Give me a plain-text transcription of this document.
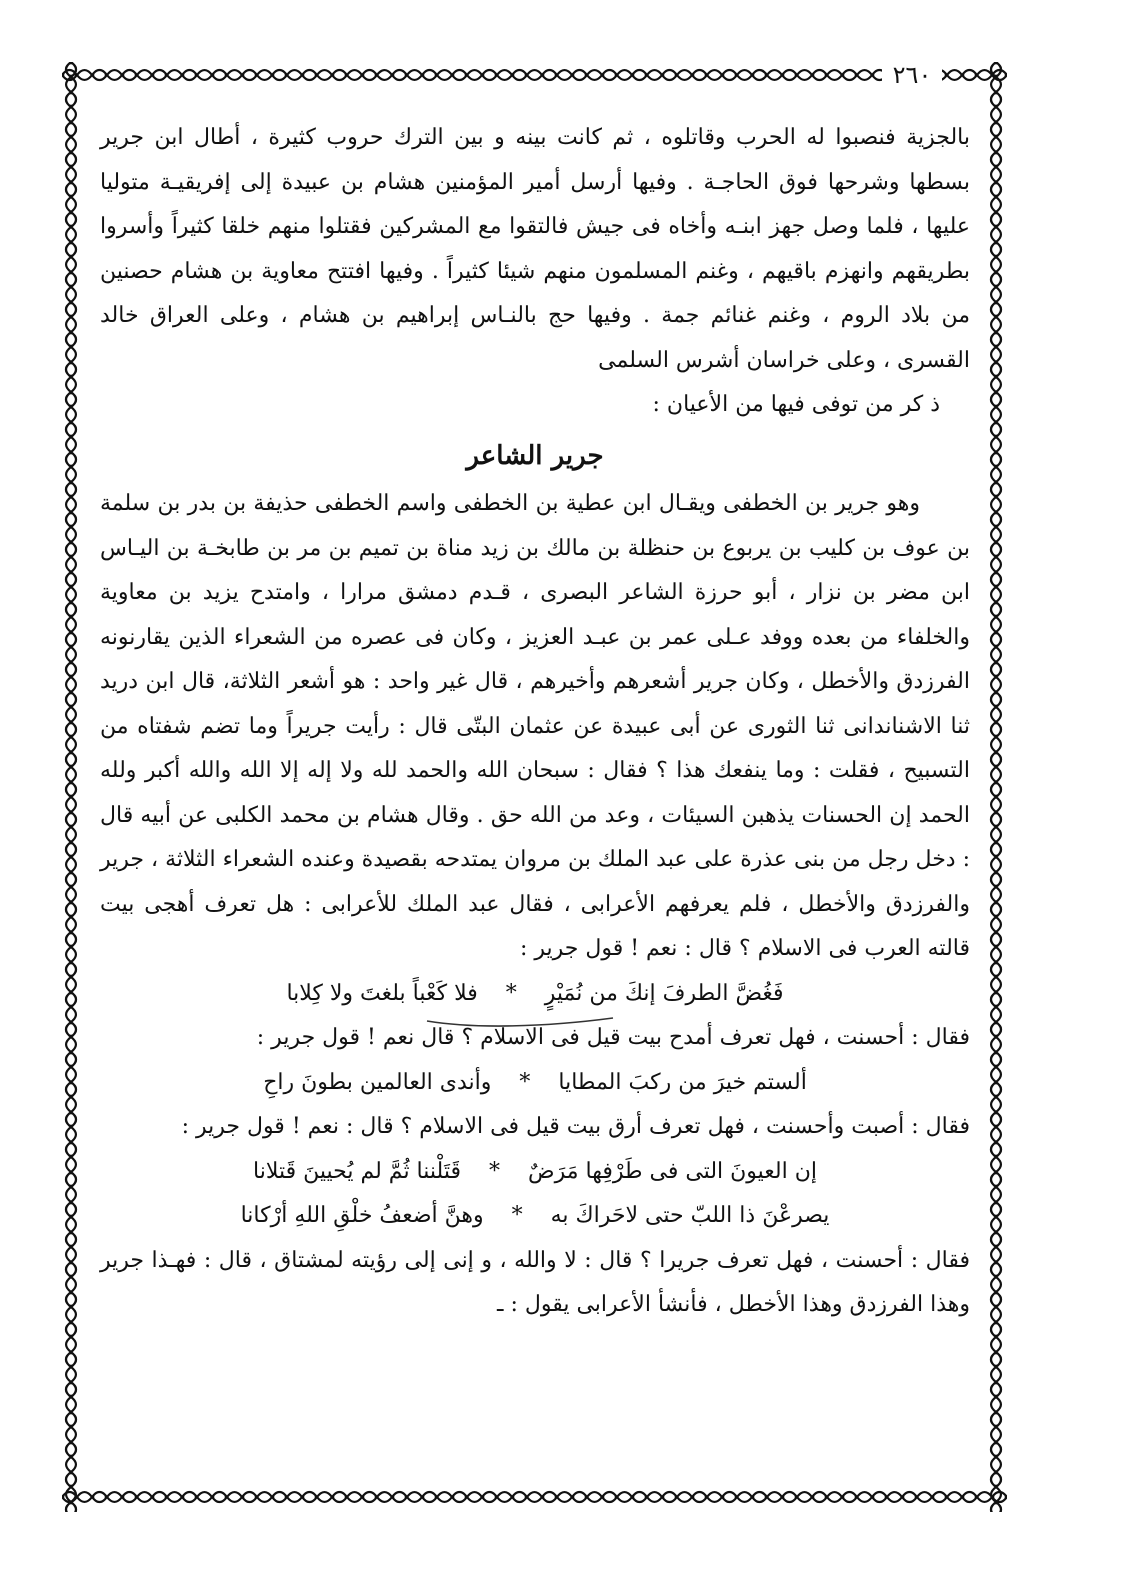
٢٦٠

بالجزية فنصبوا له الحرب وقاتلوه ، ثم كانت بينه و بين الترك حروب كثيرة ، أطال ابن جرير بسطها وشرحها فوق الحاجـة . وفيها أرسل أمير المؤمنين هشام بن عبيدة إلى إفريقيـة متوليا عليها ، فلما وصل جهز ابنـه وأخاه فى جيش فالتقوا مع المشركين فقتلوا منهم خلقا كثيراً وأسروا بطريقهم وانهزم باقيهم ، وغنم المسلمون منهم شيئا كثيراً . وفيها افتتح معاوية بن هشام حصنين من بلاد الروم ، وغنم غنائم جمة . وفيها حج بالنـاس إبراهيم بن هشام ، وعلى العراق خالد القسرى ، وعلى خراسان أشرس السلمى

ذ كر من توفى فيها من الأعيان :

جرير الشاعر

وهو جرير بن الخطفى ويقـال ابن عطية بن الخطفى واسم الخطفى حذيفة بن بدر بن سلمة بن عوف بن كليب بن يربوع بن حنظلة بن مالك بن زيد مناة بن تميم بن مر بن طابخـة بن اليـاس ابن مضر بن نزار ، أبو حرزة الشاعر البصرى ، قـدم دمشق مرارا ، وامتدح يزيد بن معاوية والخلفاء من بعده ووفد عـلى عمر بن عبـد العزيز ، وكان فى عصره من الشعراء الذين يقارنونه الفرزدق والأخطل ، وكان جرير أشعرهم وأخيرهم ، قال غير واحد : هو أشعر الثلاثة، قال ابن دريد ثنا الاشناندانى ثنا الثورى عن أبى عبيدة عن عثمان البتّى قال : رأيت جريراً وما تضم شفتاه من التسبيح ، فقلت : وما ينفعك هذا ؟ فقال : سبحان الله والحمد لله ولا إله إلا الله والله أكبر ولله الحمد إن الحسنات يذهبن السيئات ، وعد من الله حق . وقال هشام بن محمد الكلبى عن أبيه قال : دخل رجل من بنى عذرة على عبد الملك بن مروان يمتدحه بقصيدة وعنده الشعراء الثلاثة ، جرير والفرزدق والأخطل ، فلم يعرفهم الأعرابى ، فقال عبد الملك للأعرابى : هل تعرف أهجى بيت قالته العرب فى الاسلام ؟ قال : نعم ! قول جرير :

فَغُضَّ الطرفَ إنكَ من نُمَيْرٍ
*
فلا كَعْباً بلغتَ ولا كِلابا

فقال : أحسنت ، فهل تعرف أمدح بيت قيل فى الاسلام ؟ قال نعم ! قول جرير :

ألستم خيرَ من ركبَ المطايا
*
وأندى العالمين بطونَ راحِ

فقال : أصبت وأحسنت ، فهل تعرف أرق بيت قيل فى الاسلام ؟ قال : نعم ! قول جرير :

إن العيونَ التى فى طَرْفِها مَرَضٌ
*
قَتَلْننا ثُمَّ لم يُحيينَ قَتلانا
يصرعْنَ ذا اللبّ حتى لاحَراكَ به
*
وهنَّ أضعفُ خلْقِ اللهِ أرْكانا

فقال : أحسنت ، فهل تعرف جريرا ؟ قال : لا والله ، و إنى إلى رؤيته لمشتاق ، قال : فهـذا جرير وهذا الفرزدق وهذا الأخطل ، فأنشأ الأعرابى يقول : ـ
